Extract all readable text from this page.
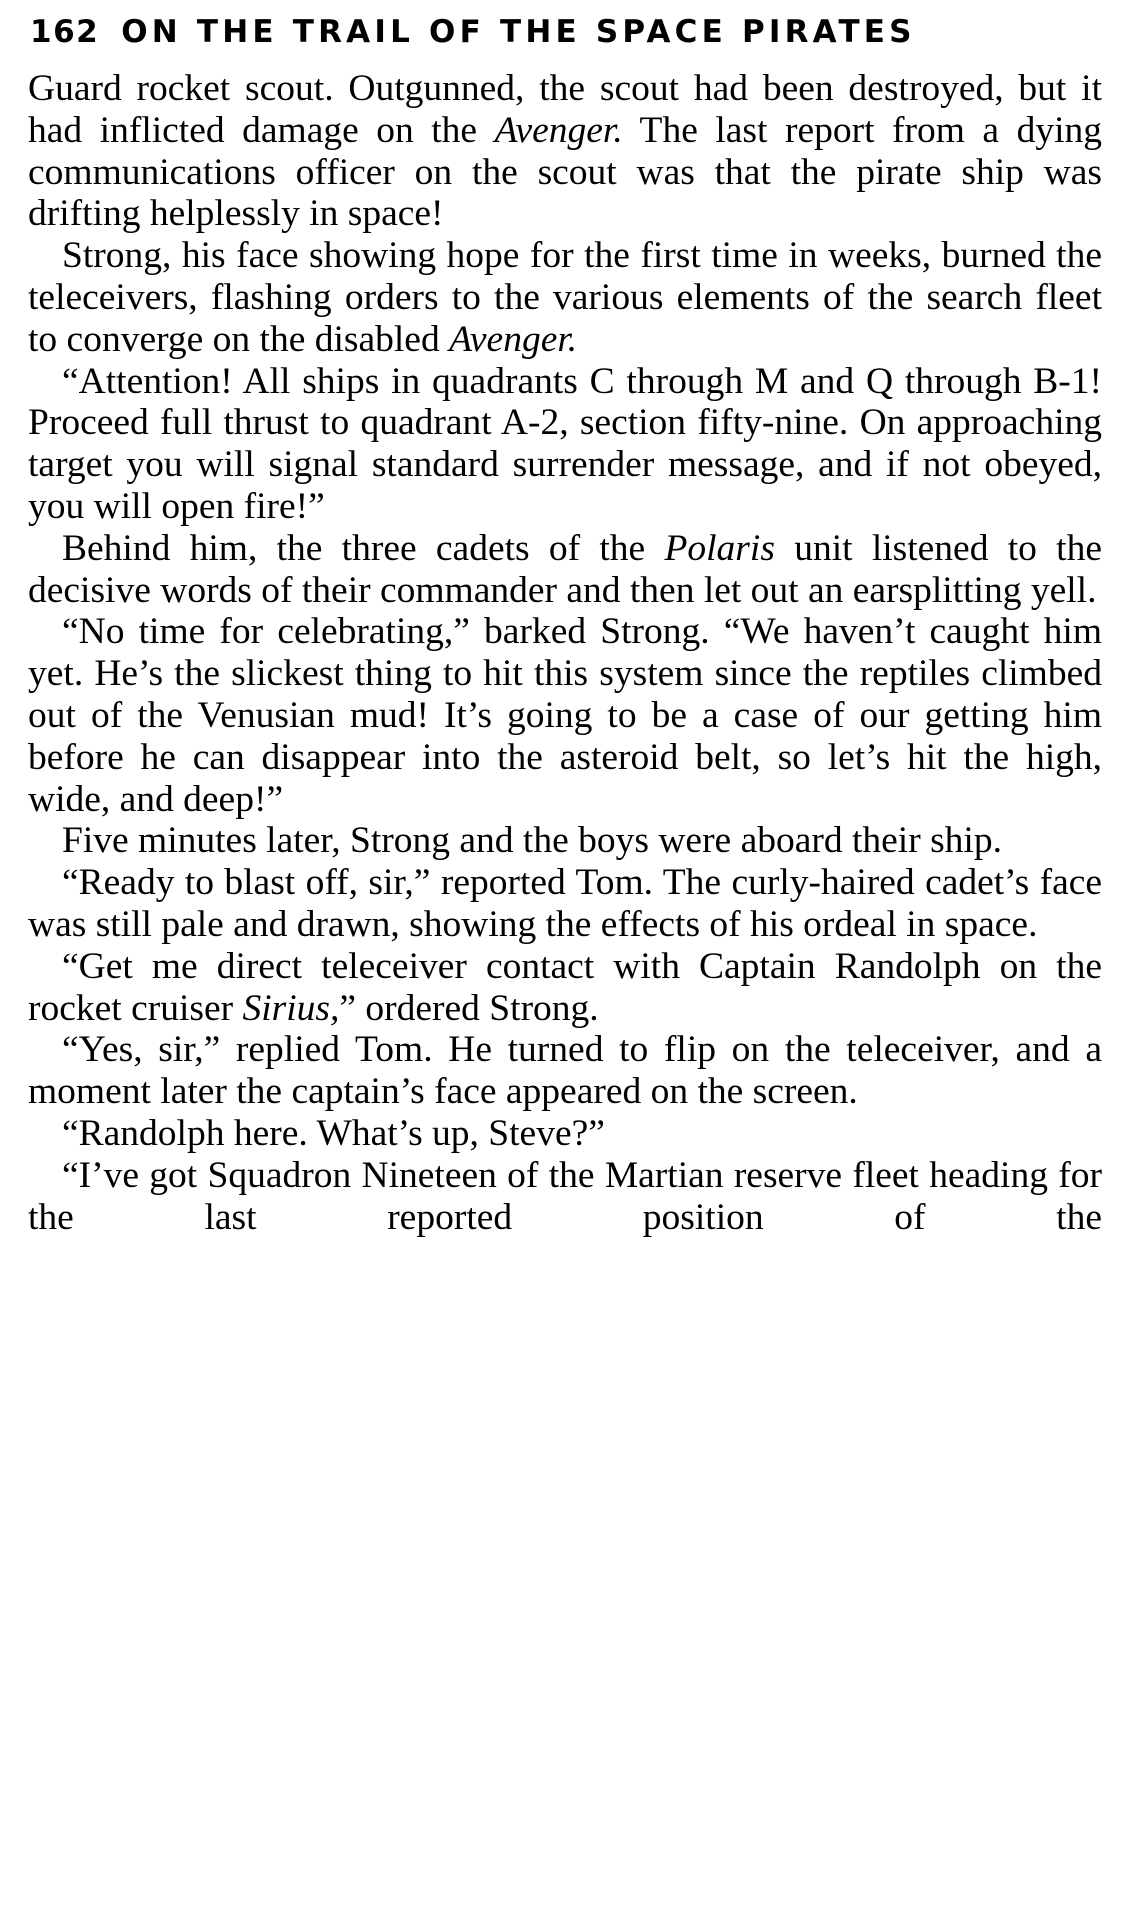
162 ON THE TRAIL OF THE SPACE PIRATES

Guard rocket scout. Outgunned, the scout had been destroyed, but it had inflicted damage on the Avenger. The last report from a dying communications officer on the scout was that the pirate ship was drifting helplessly in space!

Strong, his face showing hope for the first time in weeks, burned the teleceivers, flashing orders to the various elements of the search fleet to converge on the disabled Avenger.

“Attention! All ships in quadrants C through M and Q through B-1! Proceed full thrust to quadrant A-2, section fifty-nine. On approaching target you will signal standard surrender message, and if not obeyed, you will open fire!”

Behind him, the three cadets of the Polaris unit listened to the decisive words of their commander and then let out an earsplitting yell.

“No time for celebrating,” barked Strong. “We haven’t caught him yet. He’s the slickest thing to hit this system since the reptiles climbed out of the Venusian mud! It’s going to be a case of our getting him before he can disappear into the asteroid belt, so let’s hit the high, wide, and deep!”

Five minutes later, Strong and the boys were aboard their ship.

“Ready to blast off, sir,” reported Tom. The curly-haired cadet’s face was still pale and drawn, showing the effects of his ordeal in space.

“Get me direct teleceiver contact with Captain Randolph on the rocket cruiser Sirius,” ordered Strong.

“Yes, sir,” replied Tom. He turned to flip on the teleceiver, and a moment later the captain’s face appeared on the screen.

“Randolph here. What’s up, Steve?”

“I’ve got Squadron Nineteen of the Martian reserve fleet heading for the last reported position of the
